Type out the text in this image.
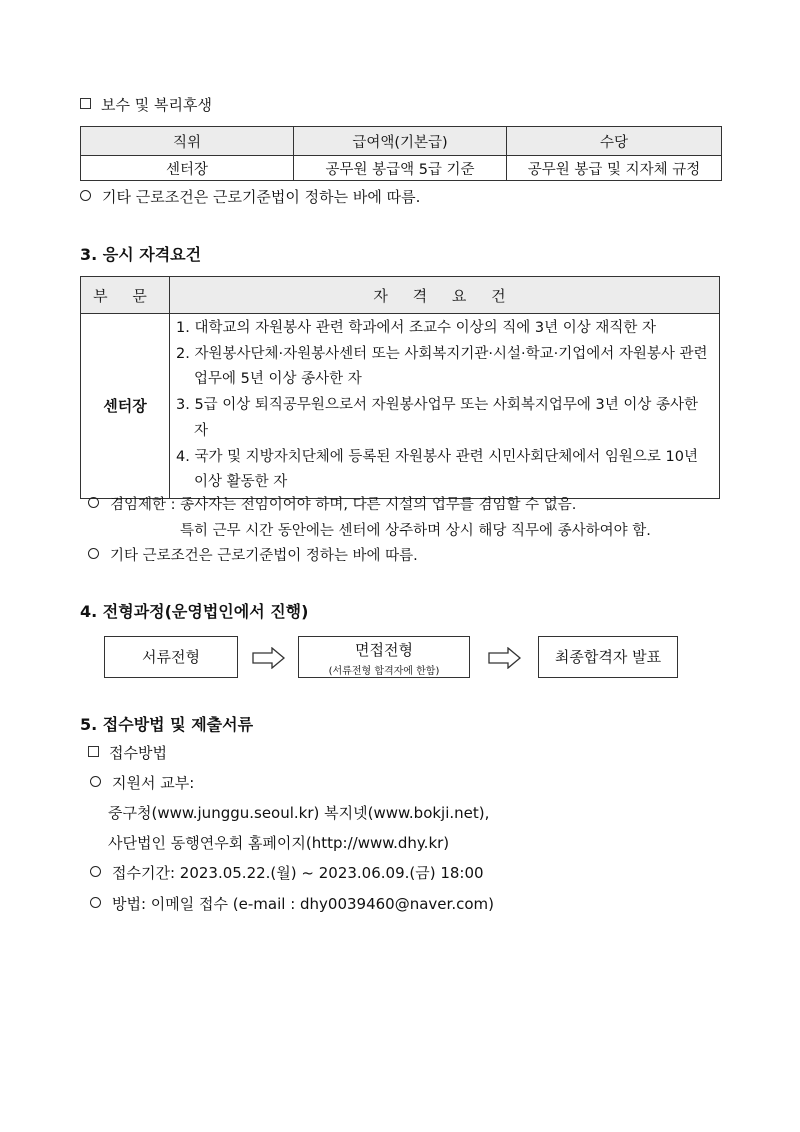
보수 및 복리후생
직위	급여액(기본급)	수당
센터장	공무원 봉급액 5급 기준	공무원 봉급 및 지자체 규정
기타 근로조건은 근로기준법이 정하는 바에 따름.
3. 응시 자격요건
부 문	자 격 요 건
센터장	1. 대학교의 자원봉사 관련 학과에서 조교수 이상의 직에 3년 이상 재직한 자
2. 자원봉사단체·자원봉사센터 또는 사회복지기관·시설·학교·기업에서 자원봉사 관련 업무에 5년 이상 종사한 자
3. 5급 이상 퇴직공무원으로서 자원봉사업무 또는 사회복지업무에 3년 이상 종사한 자
4. 국가 및 지방자치단체에 등록된 자원봉사 관련 시민사회단체에서 임원으로 10년 이상 활동한 자
겸임제한 : 종사자는 전임이어야 하며, 다른 시설의 업무를 겸임할 수 없음.
특히 근무 시간 동안에는 센터에 상주하며 상시 해당 직무에 종사하여야 함.
기타 근로조건은 근로기준법이 정하는 바에 따름.
4. 전형과정(운영법인에서 진행)
서류전형	면접전형
(서류전형 합격자에 한함)
최종합격자 발표
5. 접수방법 및 제출서류
접수방법
지원서 교부:
중구청(www.junggu.seoul.kr) 복지넷(www.bokji.net),
사단법인 동행연우회 홈페이지(http://www.dhy.kr)
접수기간: 2023.05.22.(월) ~ 2023.06.09.(금) 18:00
방법: 이메일 접수 (e-mail : dhy0039460@naver.com)
